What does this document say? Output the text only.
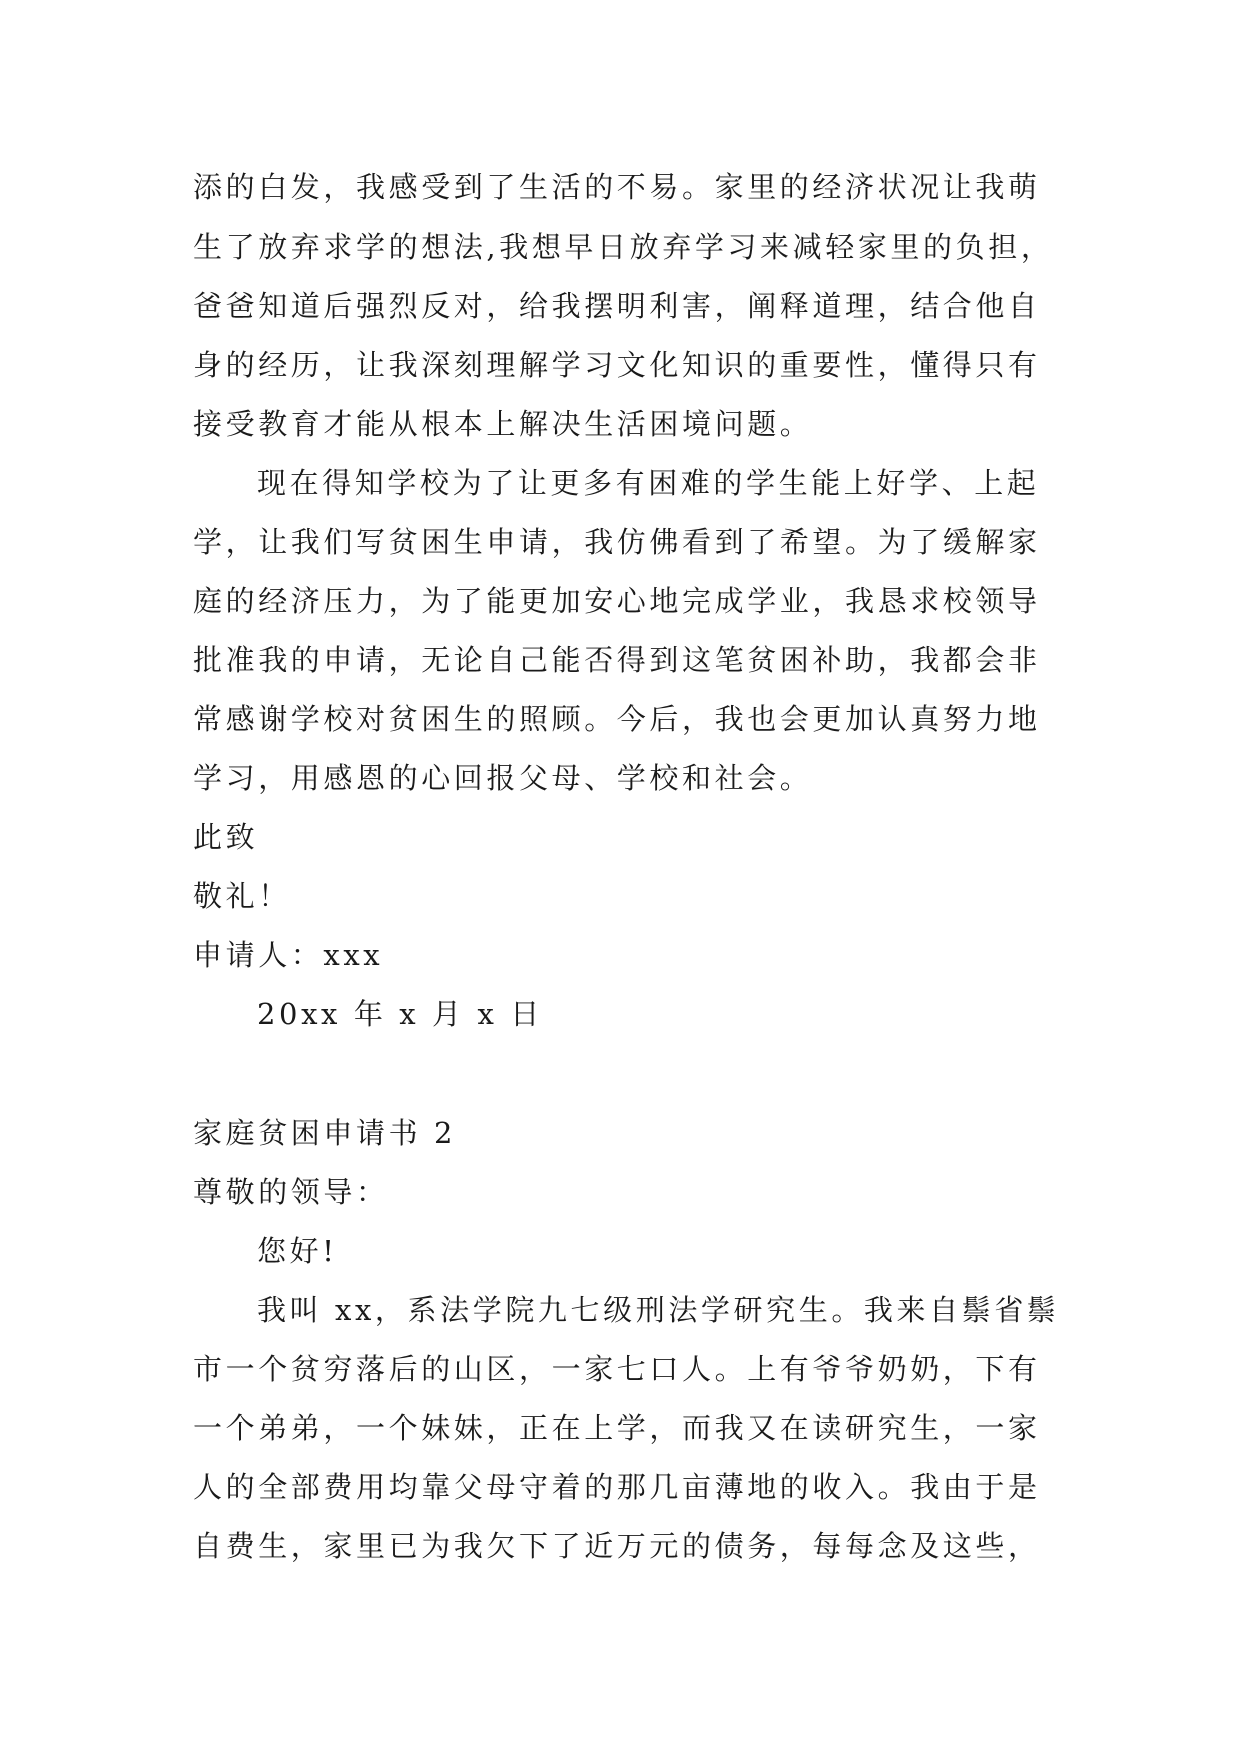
添的白发，我感受到了生活的不易。家里的经济状况让我萌
生了放弃求学的想法,我想早日放弃学习来减轻家里的负担，
爸爸知道后强烈反对，给我摆明利害，阐释道理，结合他自
身的经历，让我深刻理解学习文化知识的重要性，懂得只有
接受教育才能从根本上解决生活困境问题。
现在得知学校为了让更多有困难的学生能上好学、上起
学，让我们写贫困生申请，我仿佛看到了希望。为了缓解家
庭的经济压力，为了能更加安心地完成学业，我恳求校领导
批准我的申请，无论自己能否得到这笔贫困补助，我都会非
常感谢学校对贫困生的照顾。今后，我也会更加认真努力地
学习，用感恩的心回报父母、学校和社会。
此致
敬礼！
申请人：xxx
20xx 年 x 月 x 日
家庭贫困申请书 2
尊敬的领导：
您好!
我叫 xx，系法学院九七级刑法学研究生。我来自鬃省鬃
市一个贫穷落后的山区，一家七口人。上有爷爷奶奶，下有
一个弟弟，一个妹妹，正在上学，而我又在读研究生，一家
人的全部费用均靠父母守着的那几亩薄地的收入。我由于是
自费生，家里已为我欠下了近万元的债务，每每念及这些，
